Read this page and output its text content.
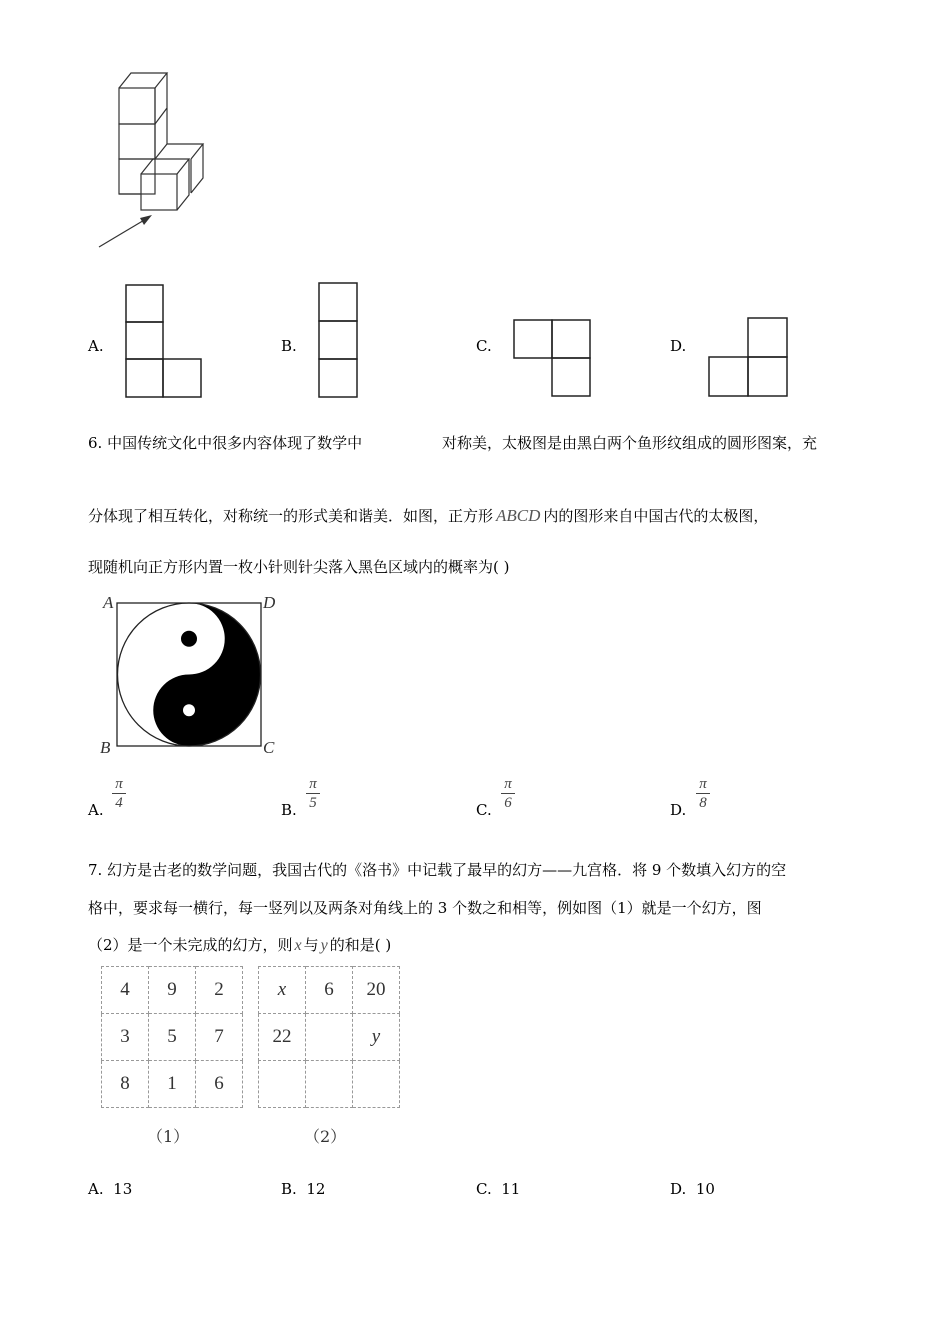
A.	B.	C.	D.
6. 中国传统文化中很多内容体现了数学中	对称美，太极图是由黑白两个鱼形纹组成的圆形图案，充
分体现了相互转化，对称统一的形式美和谐美．如图，正方形 ABCD 内的图形来自中国古代的太极图，
现随机向正方形内置一枚小针则针尖落入黑色区域内的概率为( )
A	D
B	C
A.
π
4	B.
π
5	C.
π
6	D.
π
8
7. 幻方是古老的数学问题，我国古代的《洛书》中记载了最早的幻方——九宫格．将 9 个数填入幻方的空
格中，要求每一横行，每一竖列以及两条对角线上的 3 个数之和相等，例如图（1）就是一个幻方，图
（2）是一个未完成的幻方，则 x 与 y 的和是( )
4	9	2
3	5	7
8	1	6
x	6	20
22		y

（1）	（2）
A. 13	B. 12	C. 11	D. 10
